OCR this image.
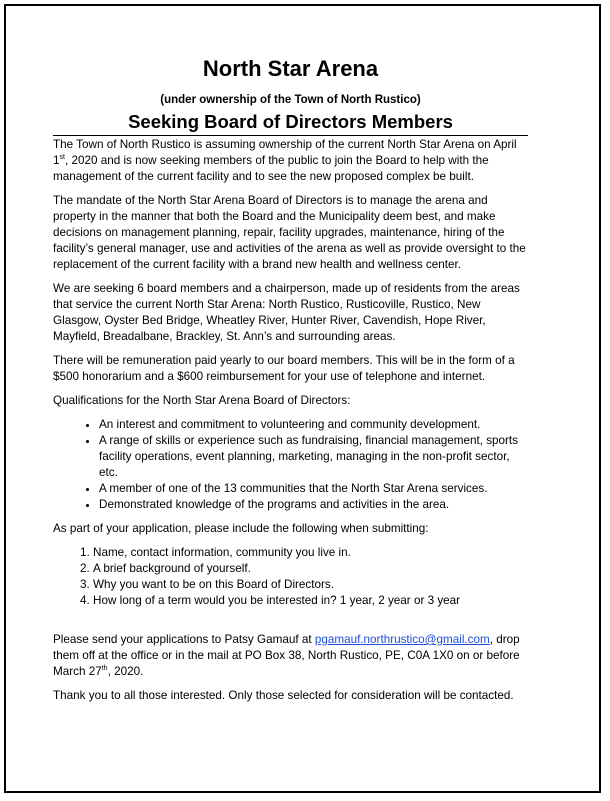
North Star Arena
(under ownership of the Town of North Rustico)
Seeking Board of Directors Members

The Town of North Rustico is assuming ownership of the current North Star Arena on April 1st, 2020 and is now seeking members of the public to join the Board to help with the management of the current facility and to see the new proposed complex be built.

The mandate of the North Star Arena Board of Directors is to manage the arena and property in the manner that both the Board and the Municipality deem best, and make decisions on management planning, repair, facility upgrades, maintenance, hiring of the facility’s general manager, use and activities of the arena as well as provide oversight to the replacement of the current facility with a brand new health and wellness center.

We are seeking 6 board members and a chairperson, made up of residents from the areas that service the current North Star Arena: North Rustico, Rusticoville, Rustico, New Glasgow, Oyster Bed Bridge, Wheatley River, Hunter River, Cavendish, Hope River, Mayfield, Breadalbane, Brackley, St. Ann’s and surrounding areas.

There will be remuneration paid yearly to our board members. This will be in the form of a $500 honorarium and a $600 reimbursement for your use of telephone and internet.

Qualifications for the North Star Arena Board of Directors:

• An interest and commitment to volunteering and community development.
• A range of skills or experience such as fundraising, financial management, sports facility operations, event planning, marketing, managing in the non-profit sector, etc.
• A member of one of the 13 communities that the North Star Arena services.
• Demonstrated knowledge of the programs and activities in the area.

As part of your application, please include the following when submitting:

1. Name, contact information, community you live in.
2. A brief background of yourself.
3. Why you want to be on this Board of Directors.
4. How long of a term would you be interested in? 1 year, 2 year or 3 year

Please send your applications to Patsy Gamauf at pgamauf.northrustico@gmail.com, drop them off at the office or in the mail at PO Box 38, North Rustico, PE, C0A 1X0 on or before March 27th, 2020.

Thank you to all those interested. Only those selected for consideration will be contacted.
